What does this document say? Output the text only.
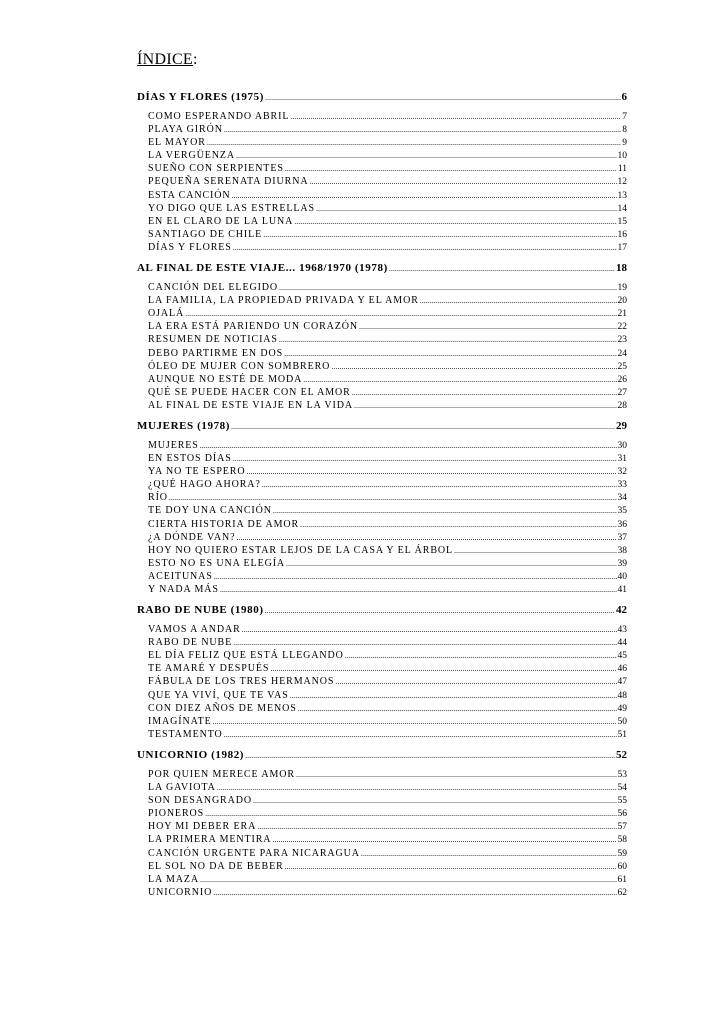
ÍNDICE:
DÍAS Y FLORES (1975) .....	6
COMO ESPERANDO ABRIL .....	7
PLAYA GIRÓN .....	8
EL MAYOR .....	9
LA VERGÜENZA .....	10
SUEÑO CON SERPIENTES .....	11
PEQUEÑA SERENATA DIURNA .....	12
ESTA CANCIÓN .....	13
YO DIGO QUE LAS ESTRELLAS .....	14
EN EL CLARO DE LA LUNA .....	15
SANTIAGO DE CHILE .....	16
DÍAS Y FLORES .....	17
AL FINAL DE ESTE VIAJE... 1968/1970 (1978) .....	18
CANCIÓN DEL ELEGIDO .....	19
LA FAMILIA, LA PROPIEDAD PRIVADA Y EL AMOR .....	20
OJALÁ .....	21
LA ERA ESTÁ PARIENDO UN CORAZÓN .....	22
RESUMEN DE NOTICIAS .....	23
DEBO PARTIRME EN DOS .....	24
ÓLEO DE MUJER CON SOMBRERO .....	25
AUNQUE NO ESTÉ DE MODA .....	26
QUÉ SE PUEDE HACER CON EL AMOR .....	27
AL FINAL DE ESTE VIAJE EN LA VIDA .....	28
MUJERES (1978) .....	29
MUJERES .....	30
EN ESTOS DÍAS .....	31
YA NO TE ESPERO .....	32
¿QUÉ HAGO AHORA? .....	33
RÍO .....	34
TE DOY UNA CANCIÓN .....	35
CIERTA HISTORIA DE AMOR .....	36
¿A DÓNDE VAN? .....	37
HOY NO QUIERO ESTAR LEJOS DE LA CASA Y EL ÁRBOL .....	38
ESTO NO ES UNA ELEGÍA .....	39
ACEITUNAS .....	40
Y NADA MÁS .....	41
RABO DE NUBE (1980) .....	42
VAMOS A ANDAR .....	43
RABO DE NUBE .....	44
EL DÍA FELIZ QUE ESTÁ LLEGANDO .....	45
TE AMARÉ Y DESPUÉS .....	46
FÁBULA DE LOS TRES HERMANOS .....	47
QUE YA VIVÍ, QUE TE VAS .....	48
CON DIEZ AÑOS DE MENOS .....	49
IMAGÍNATE .....	50
TESTAMENTO .....	51
UNICORNIO (1982) .....	52
POR QUIEN MERECE AMOR .....	53
LA GAVIOTA .....	54
SON DESANGRADO .....	55
PIONEROS .....	56
HOY MI DEBER ERA .....	57
LA PRIMERA MENTIRA .....	58
CANCIÓN URGENTE PARA NICARAGUA .....	59
EL SOL NO DA DE BEBER .....	60
LA MAZA .....	61
UNICORNIO .....	62
